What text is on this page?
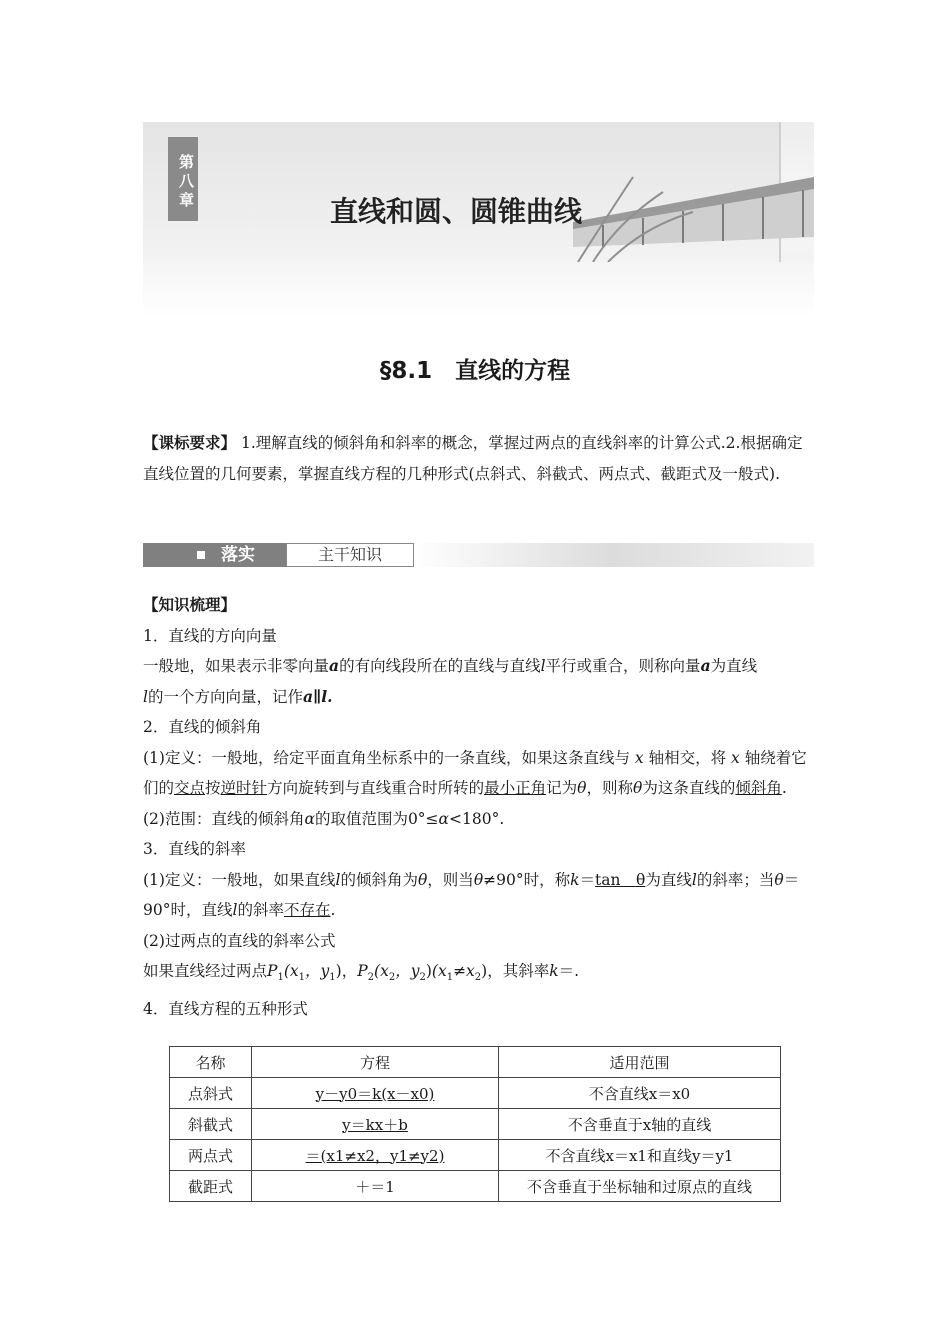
第八章
直线和圆、圆锥曲线
§8.1　直线的方程
【课标要求】 1.理解直线的倾斜角和斜率的概念，掌握过两点的直线斜率的计算公式.2.根据确定直线位置的几何要素，掌握直线方程的几种形式(点斜式、斜截式、两点式、截距式及一般式).
落实	主干知识

【知识梳理】

1．直线的方向向量

一般地，如果表示非零向量a的有向线段所在的直线与直线l平行或重合，则称向量a为直线
l的一个方向向量，记作a∥l.

2．直线的倾斜角

(1)定义：一般地，给定平面直角坐标系中的一条直线，如果这条直线与 x 轴相交，将 x 轴绕着它们的交点按逆时针方向旋转到与直线重合时所转的最小正角记为θ，则称θ为这条直线的倾斜角.

(2)范围：直线的倾斜角α的取值范围为0°≤α<180°.

3．直线的斜率

(1)定义：一般地，如果直线l的倾斜角为θ，则当θ≠90°时，称k＝tan　θ为直线l的斜率；当θ＝90°时，直线l的斜率不存在.

(2)过两点的直线的斜率公式

如果直线经过两点$P_1(x_1$，$y_1$)，$P_2(x_2$，$y_2)(x_1\ne x_2)$，其斜率k＝.

4．直线方程的五种形式

名称	方程	适用范围
点斜式	y－y0＝k(x－x0)	不含直线x＝x0
斜截式	y＝kx＋b	不含垂直于x轴的直线
两点式	＝(x1≠x2，y1≠y2)	不含直线x＝x1和直线y＝y1
截距式	＋＝1	不含垂直于坐标轴和过原点的直线
